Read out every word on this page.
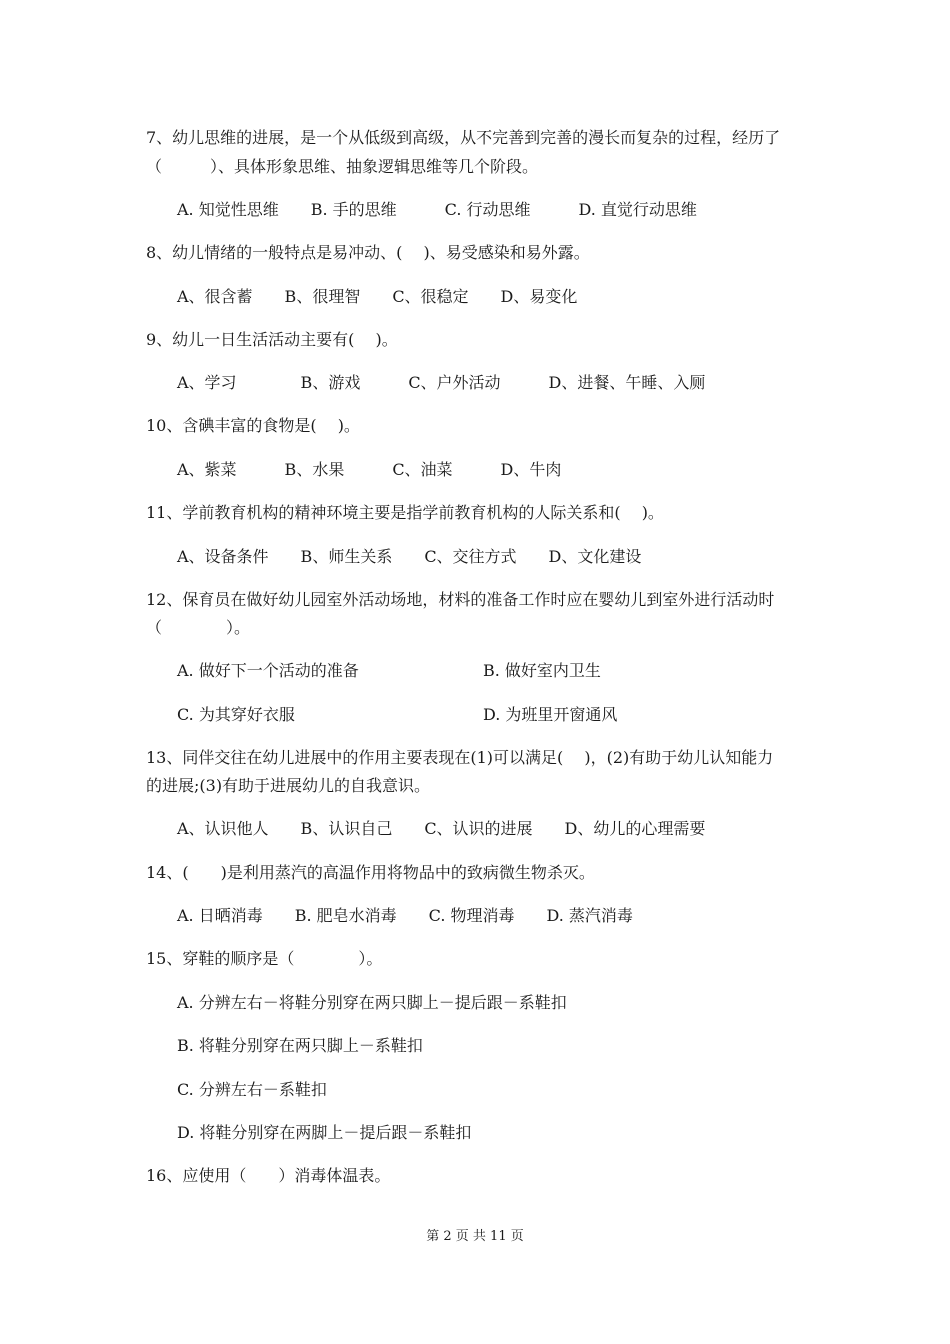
7、幼儿思维的进展，是一个从低级到高级，从不完善到完善的漫长而复杂的过程，经历了
（　　　）、具体形象思维、抽象逻辑思维等几个阶段。
A. 知觉性思维　　B. 手的思维　　　C. 行动思维　　　D. 直觉行动思维
8、幼儿情绪的一般特点是易冲动、(　 )、易受感染和易外露。
A、很含蓄　　B、很理智　　C、很稳定　　D、易变化
9、幼儿一日生活活动主要有(　 )。
A、学习　　　　B、游戏　　　C、户外活动　　　D、进餐、午睡、入厕
10、含碘丰富的食物是(　 )。
A、紫菜　　　B、水果　　　C、油菜　　　D、牛肉
11、学前教育机构的精神环境主要是指学前教育机构的人际关系和(　 )。
A、设备条件　　B、师生关系　　C、交往方式　　D、文化建设
12、保育员在做好幼儿园室外活动场地，材料的准备工作时应在婴幼儿到室外进行活动时
（　　　　）。
A. 做好下一个活动的准备	B. 做好室内卫生
C. 为其穿好衣服	D. 为班里开窗通风
13、同伴交往在幼儿进展中的作用主要表现在(1)可以满足(　 )，(2)有助于幼儿认知能力
的进展;(3)有助于进展幼儿的自我意识。
A、认识他人　　B、认识自己　　C、认识的进展　　D、幼儿的心理需要
14、(　　)是利用蒸汽的高温作用将物品中的致病微生物杀灭。
A. 日晒消毒　　B. 肥皂水消毒　　C. 物理消毒　　D. 蒸汽消毒
15、穿鞋的顺序是（　　　　）。
A. 分辨左右－将鞋分别穿在两只脚上－提后跟－系鞋扣
B. 将鞋分别穿在两只脚上－系鞋扣
C. 分辨左右－系鞋扣
D. 将鞋分别穿在两脚上－提后跟－系鞋扣
16、应使用（　　）消毒体温表。
第 2 页 共 11 页
